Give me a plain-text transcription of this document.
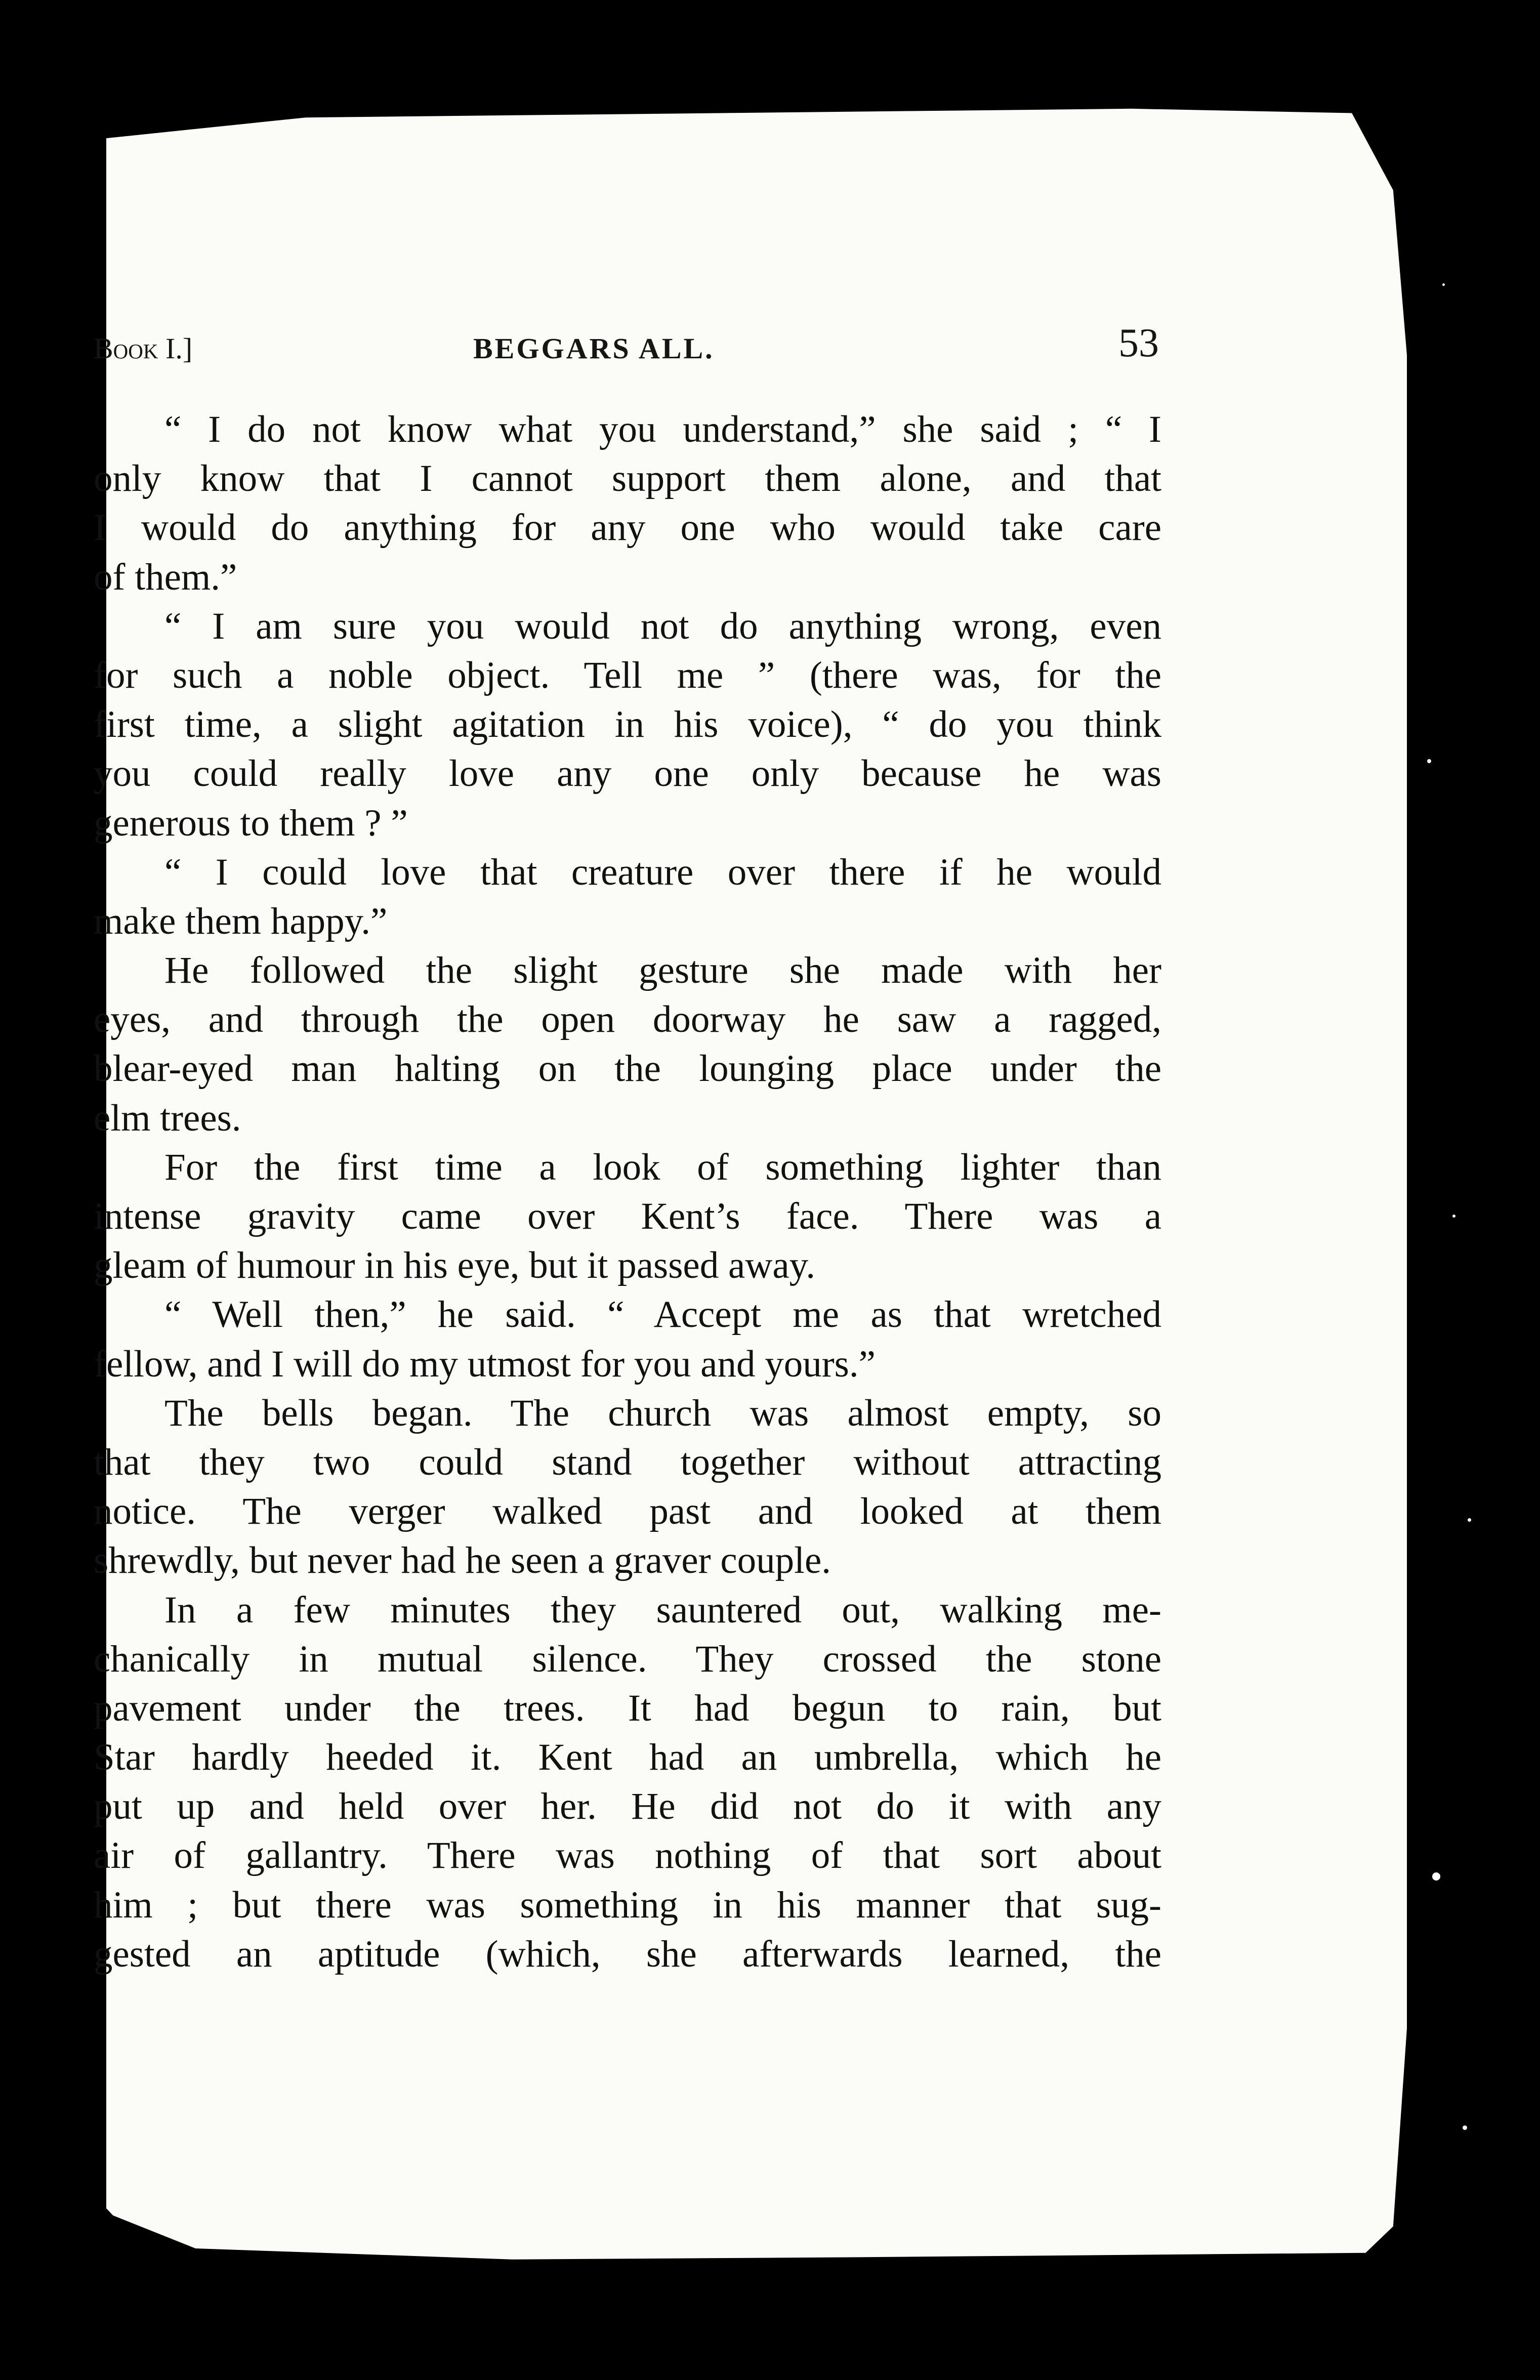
Book I.]	BEGGARS ALL.	53
“ I do not know what you understand,” she said ; “ I
only know that I cannot support them alone, and that
I would do anything for any one who would take care
of them.”
“ I am sure you would not do anything wrong, even
for such a noble object. Tell me ” (there was, for the
first time, a slight agitation in his voice), “ do you think
you could really love any one only because he was
generous to them ? ”
“ I could love that creature over there if he would
make them happy.”
He followed the slight gesture she made with her
eyes, and through the open doorway he saw a ragged,
blear-eyed man halting on the lounging place under the
elm trees.
For the first time a look of something lighter than
intense gravity came over Kent’s face. There was a
gleam of humour in his eye, but it passed away.
“ Well then,” he said. “ Accept me as that wretched
fellow, and I will do my utmost for you and yours.”
The bells began. The church was almost empty, so
that they two could stand together without attracting
notice. The verger walked past and looked at them
shrewdly, but never had he seen a graver couple.
In a few minutes they sauntered out, walking me-
chanically in mutual silence. They crossed the stone
pavement under the trees. It had begun to rain, but
Star hardly heeded it. Kent had an umbrella, which he
put up and held over her. He did not do it with any
air of gallantry. There was nothing of that sort about
him ; but there was something in his manner that sug-
gested an aptitude (which, she afterwards learned, the
